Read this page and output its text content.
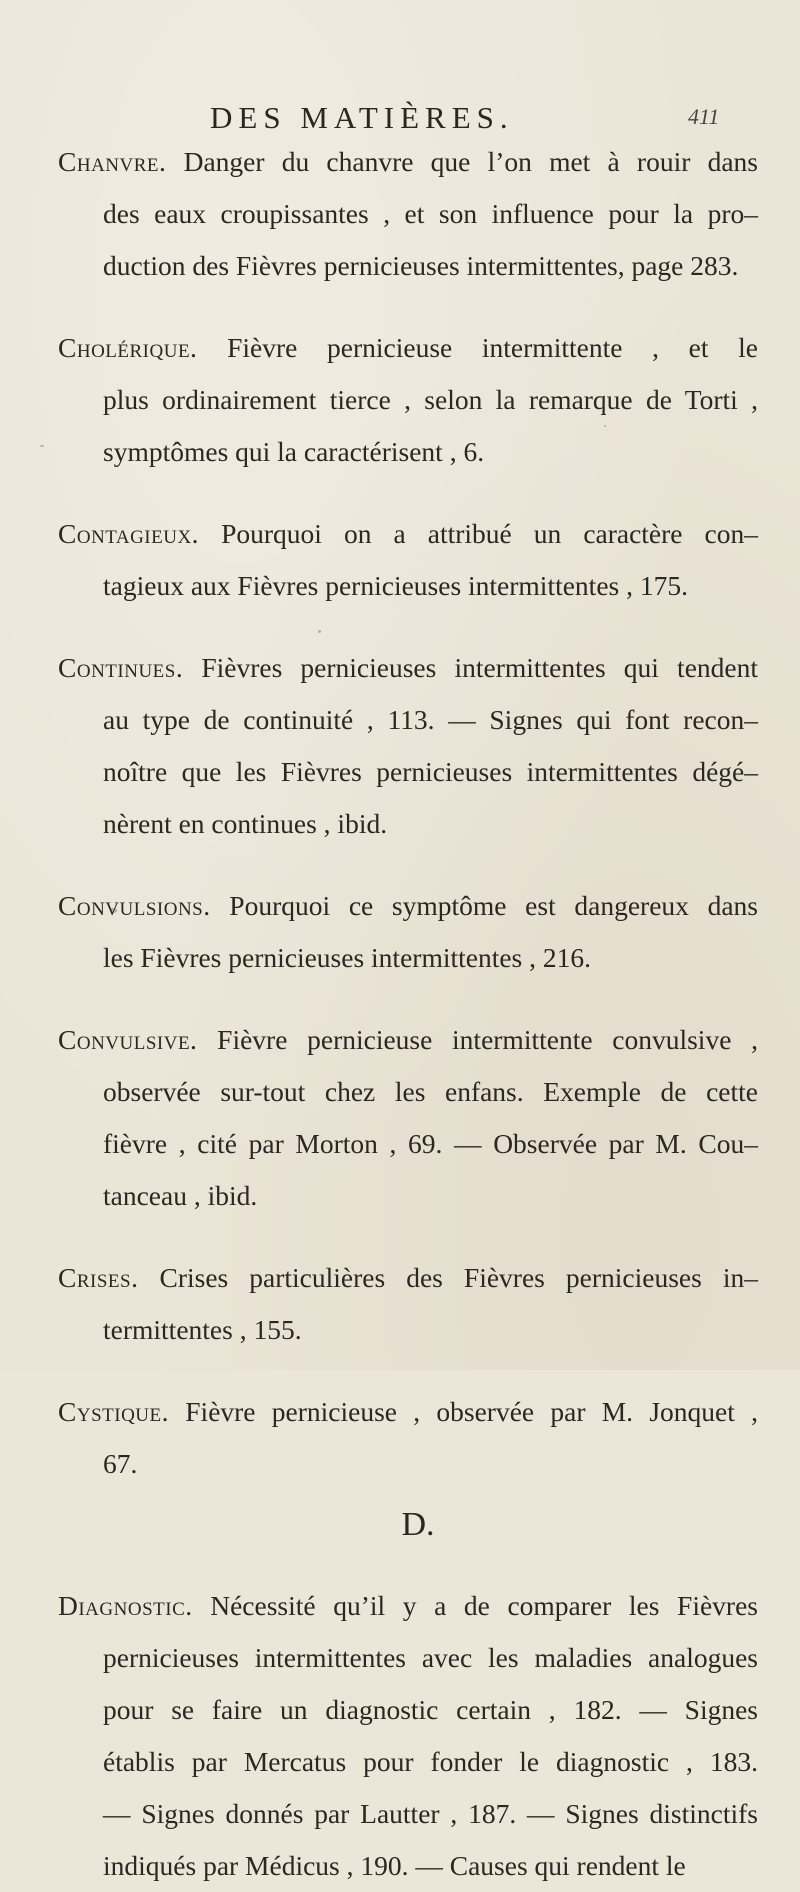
DES MATIÈRES.	411
Chanvre. Danger du chanvre que l’on met à rouir dans
des eaux croupissantes , et son influence pour la pro–
duction des Fièvres pernicieuses intermittentes, page 283.
Cholérique. Fièvre pernicieuse intermittente , et le
plus ordinairement tierce , selon la remarque de Torti ,
symptômes qui la caractérisent , 6.
Contagieux. Pourquoi on a attribué un caractère con–
tagieux aux Fièvres pernicieuses intermittentes , 175.
Continues. Fièvres pernicieuses intermittentes qui tendent
au type de continuité , 113. — Signes qui font recon–
noître que les Fièvres pernicieuses intermittentes dégé–
nèrent en continues , ibid.
Convulsions. Pourquoi ce symptôme est dangereux dans
les Fièvres pernicieuses intermittentes , 216.
Convulsive. Fièvre pernicieuse intermittente convulsive ,
observée sur-tout chez les enfans. Exemple de cette
fièvre , cité par Morton , 69. — Observée par M. Cou–
tanceau , ibid.
Crises. Crises particulières des Fièvres pernicieuses in–
termittentes , 155.
Cystique. Fièvre pernicieuse , observée par M. Jonquet ,
67.
D.
Diagnostic. Nécessité qu’il y a de comparer les Fièvres
pernicieuses intermittentes avec les maladies analogues
pour se faire un diagnostic certain , 182. — Signes
établis par Mercatus pour fonder le diagnostic , 183.
— Signes donnés par Lautter , 187. — Signes distinctifs
indiqués par Médicus , 190. — Causes qui rendent le
